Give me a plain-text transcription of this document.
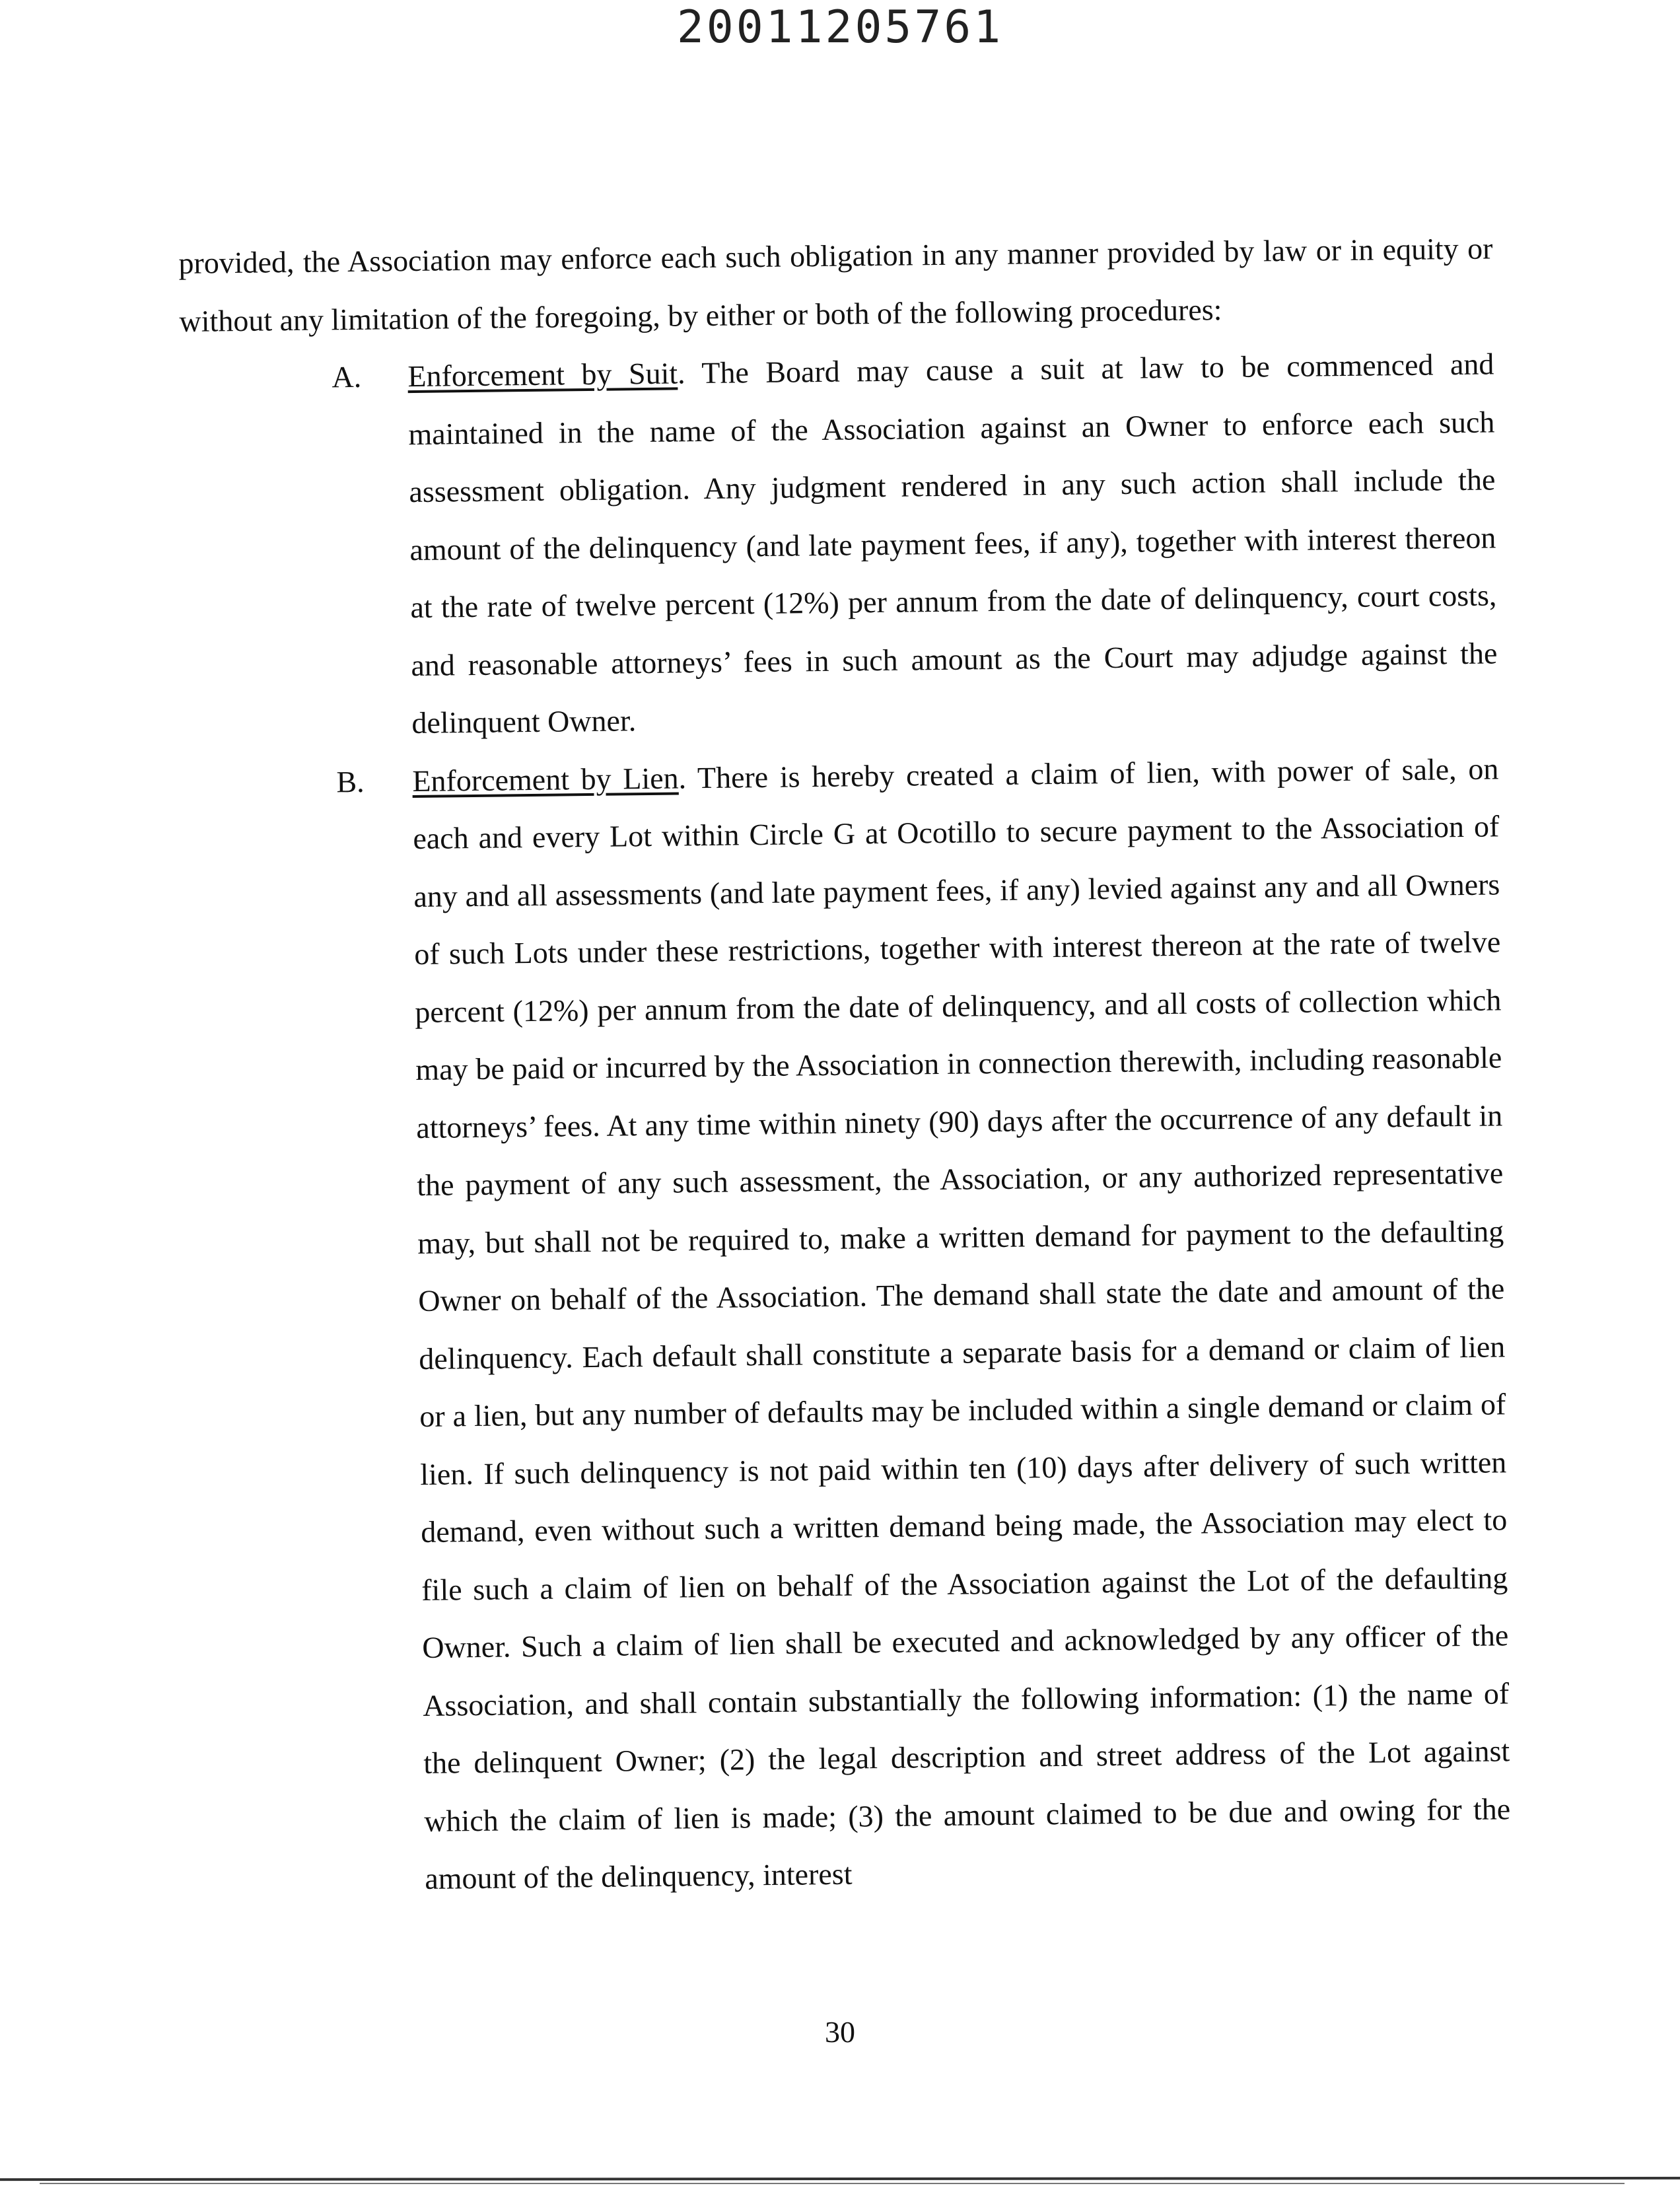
20011205761

provided, the Association may enforce each such obligation in any manner provided by law or in equity or without any limitation of the foregoing, by either or both of the following procedures:

A. Enforcement by Suit. The Board may cause a suit at law to be commenced and maintained in the name of the Association against an Owner to enforce each such assessment obligation. Any judgment rendered in any such action shall include the amount of the delinquency (and late payment fees, if any), together with interest thereon at the rate of twelve percent (12%) per annum from the date of delinquency, court costs, and reasonable attorneys’ fees in such amount as the Court may adjudge against the delinquent Owner.
B. Enforcement by Lien. There is hereby created a claim of lien, with power of sale, on each and every Lot within Circle G at Ocotillo to secure payment to the Association of any and all assessments (and late payment fees, if any) levied against any and all Owners of such Lots under these restrictions, together with interest thereon at the rate of twelve percent (12%) per annum from the date of delinquency, and all costs of collection which may be paid or incurred by the Association in connection therewith, including reasonable attorneys’ fees. At any time within ninety (90) days after the occurrence of any default in the payment of any such assessment, the Association, or any authorized representative may, but shall not be required to, make a written demand for payment to the defaulting Owner on behalf of the Association. The demand shall state the date and amount of the delinquency. Each default shall constitute a separate basis for a demand or claim of lien or a lien, but any number of defaults may be included within a single demand or claim of lien. If such delinquency is not paid within ten (10) days after delivery of such written demand, even without such a written demand being made, the Association may elect to file such a claim of lien on behalf of the Association against the Lot of the defaulting Owner. Such a claim of lien shall be executed and acknowledged by any officer of the Association, and shall contain substantially the following information: (1) the name of the delinquent Owner; (2) the legal description and street address of the Lot against which the claim of lien is made; (3) the amount claimed to be due and owing for the amount of the delinquency, interest
30
